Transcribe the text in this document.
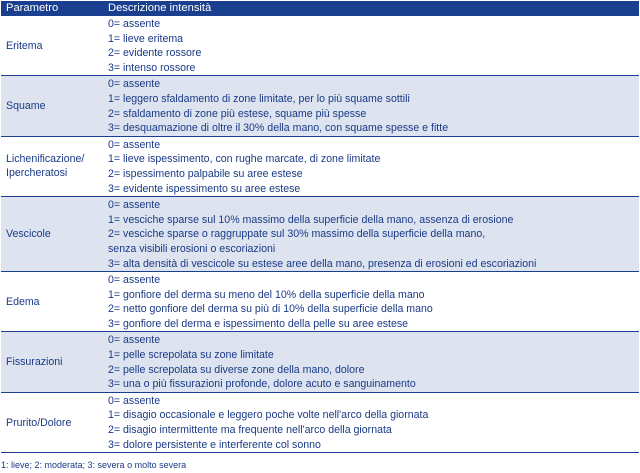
Parametro	Descrizione intensità
Eritema	0= assente
1= lieve eritema
2= evidente rossore
3= intenso rossore

Squame	0= assente
1= leggero sfaldamento di zone limitate, per lo più squame sottili
2= sfaldamento di zone più estese, squame più spesse
3= desquamazione di oltre il 30% della mano, con squame spesse e fitte

Lichenificazione/
Ipercheratosi	0= assente
1= lieve ispessimento, con rughe marcate, di zone limitate
2= ispessimento palpabile su aree estese
3= evidente ispessimento su aree estese

Vescicole	0= assente
1= vesciche sparse sul 10% massimo della superficie della mano, assenza di erosione
2= vesciche sparse o raggruppate sul 30% massimo della superficie della mano,
senza visibili erosioni o escoriazioni
3= alta densità di vescicole su estese aree della mano, presenza di erosioni ed escoriazioni

Edema	0= assente
1= gonfiore del derma su meno del 10% della superficie della mano
2= netto gonfiore del derma su più di 10% della superficie della mano
3= gonfiore del derma e ispessimento della pelle su aree estese

Fissurazioni	0= assente
1= pelle screpolata su zone limitate
2= pelle screpolata su diverse zone della mano, dolore
3= una o più fissurazioni profonde, dolore acuto e sanguinamento

Prurito/Dolore	0= assente
1= disagio occasionale e leggero poche volte nell'arco della giornata
2= disagio intermittente ma frequente nell'arco della giornata
3= dolore persistente e interferente col sonno
1: lieve; 2: moderata; 3: severa o molto severa
